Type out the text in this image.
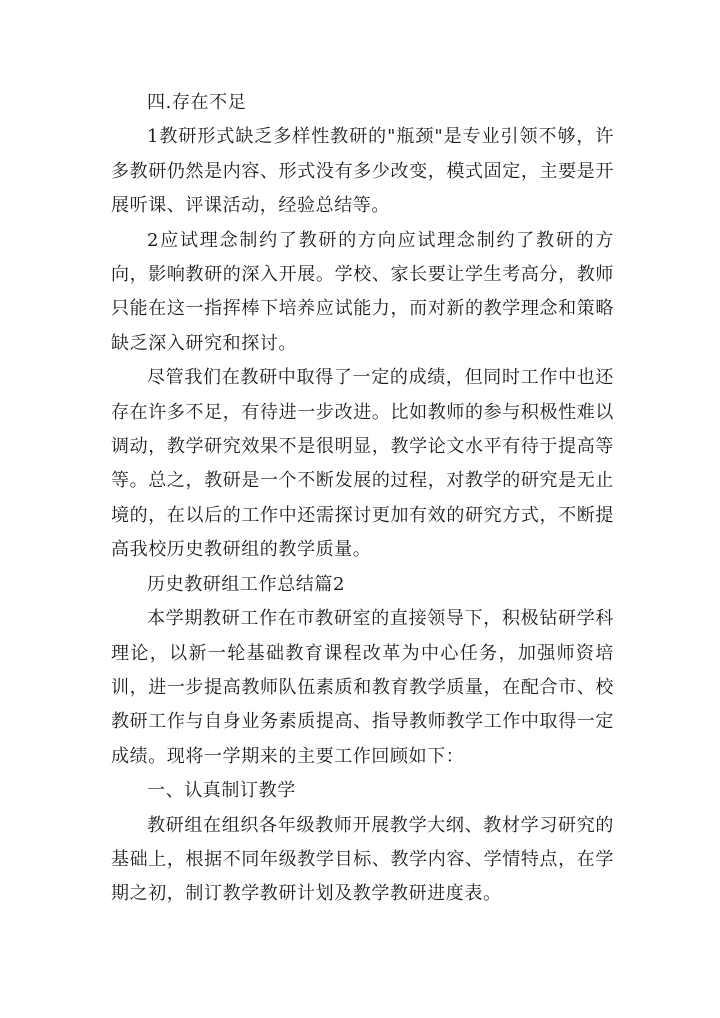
四.存在不足

1教研形式缺乏多样性教研的"瓶颈"是专业引领不够，许多教研仍然是内容、形式没有多少改变，模式固定，主要是开展听课、评课活动，经验总结等。

2应试理念制约了教研的方向应试理念制约了教研的方向，影响教研的深入开展。学校、家长要让学生考高分，教师只能在这一指挥棒下培养应试能力，而对新的教学理念和策略缺乏深入研究和探讨。

尽管我们在教研中取得了一定的成绩，但同时工作中也还存在许多不足，有待进一步改进。比如教师的参与积极性难以调动，教学研究效果不是很明显，教学论文水平有待于提高等等。总之，教研是一个不断发展的过程，对教学的研究是无止境的，在以后的工作中还需探讨更加有效的研究方式，不断提高我校历史教研组的教学质量。

历史教研组工作总结篇2

本学期教研工作在市教研室的直接领导下，积极钻研学科理论，以新一轮基础教育课程改革为中心任务，加强师资培训，进一步提高教师队伍素质和教育教学质量，在配合市、校教研工作与自身业务素质提高、指导教师教学工作中取得一定成绩。现将一学期来的主要工作回顾如下：

一、认真制订教学

教研组在组织各年级教师开展教学大纲、教材学习研究的基础上，根据不同年级教学目标、教学内容、学情特点，在学期之初，制订教学教研计划及教学教研进度表。
